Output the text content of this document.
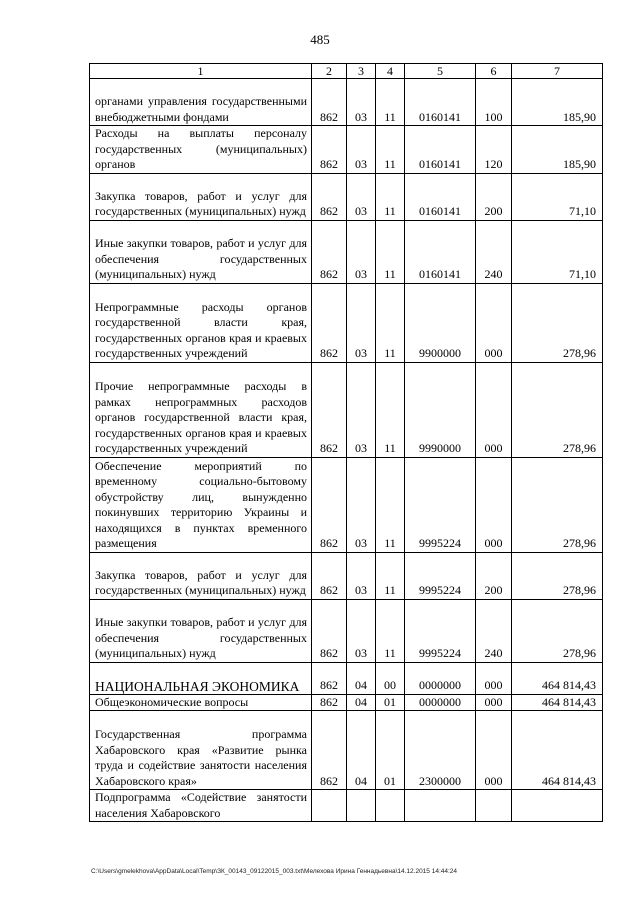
485
1	2	3	4	5	6	7
органами управления государственными внебюджетными фондами	862	03	11	0160141	100	185,90
Расходы на выплаты персоналу государственных (муниципальных) органов	862	03	11	0160141	120	185,90
Закупка товаров, работ и услуг для государственных (муниципальных) нужд	862	03	11	0160141	200	71,10
Иные закупки товаров, работ и услуг для обеспечения государственных (муниципальных) нужд	862	03	11	0160141	240	71,10
Непрограммные расходы органов государственной власти края, государственных органов края и краевых государственных учреждений	862	03	11	9900000	000	278,96
Прочие непрограммные расходы в рамках непрограммных расходов органов государственной власти края, государственных органов края и краевых государственных учреждений	862	03	11	9990000	000	278,96
Обеспечение мероприятий по временному социально-бытовому обустройству лиц, вынужденно покинувших территорию Украины и находящихся в пунктах временного размещения	862	03	11	9995224	000	278,96
Закупка товаров, работ и услуг для государственных (муниципальных) нужд	862	03	11	9995224	200	278,96
Иные закупки товаров, работ и услуг для обеспечения государственных (муниципальных) нужд	862	03	11	9995224	240	278,96
НАЦИОНАЛЬНАЯ ЭКОНОМИКА	862	04	00	0000000	000	464 814,43
Общеэкономические вопросы	862	04	01	0000000	000	464 814,43
Государственная программа Хабаровского края «Развитие рынка труда и содействие занятости населения Хабаровского края»	862	04	01	2300000	000	464 814,43
Подпрограмма «Содействие занятости населения Хабаровского						
C:\Users\gmelekhova\AppData\Local\Temp\ЗК_00143_09122015_003.txt\Мелехова Ирина Геннадьевна\14.12.2015 14:44:24
